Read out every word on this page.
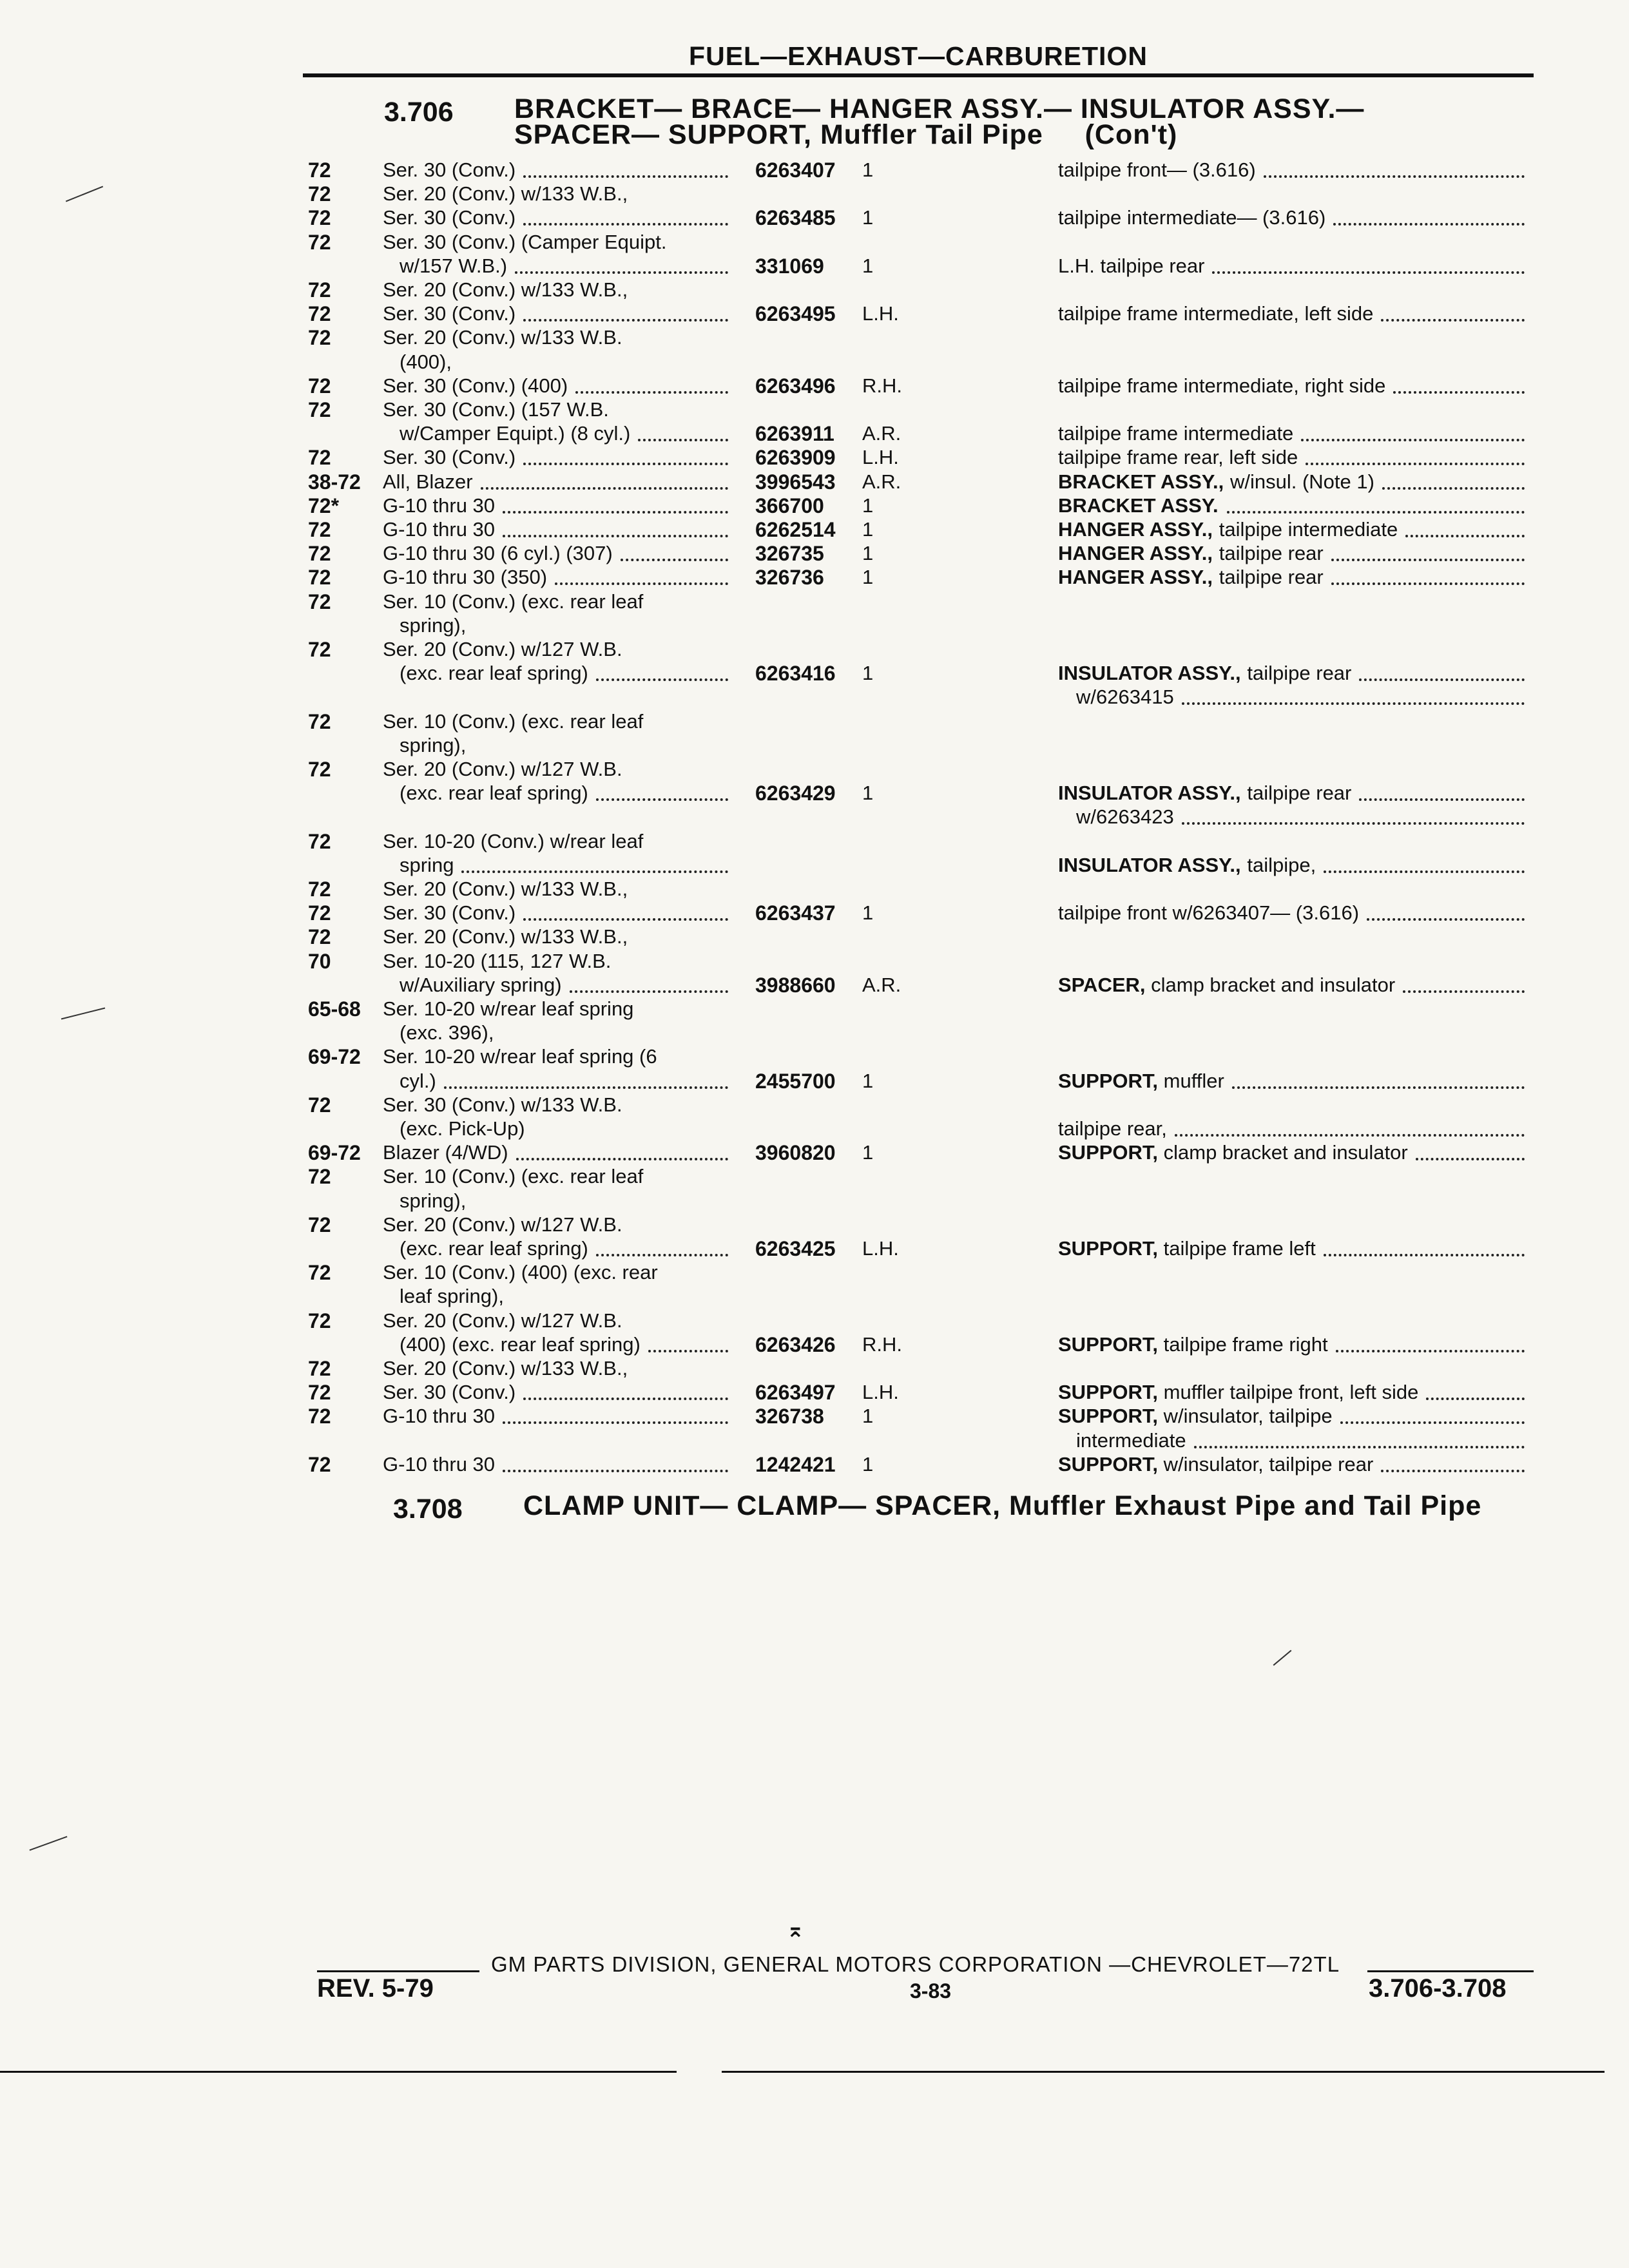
FUEL—EXHAUST—CARBURETION
3.706 BRACKET— BRACE— HANGER ASSY.— INSULATOR ASSY.—
SPACER— SUPPORT, Muffler Tail Pipe     (Con't)
72	Ser. 30 (Conv.)	6263407 1	tailpipe front— (3.616)
72	Ser. 20 (Conv.) w/133 W.B.,
72	Ser. 30 (Conv.)	6263485 1	tailpipe intermediate— (3.616)
72	Ser. 30 (Conv.) (Camper Equipt.
w/157 W.B.)	331069 1	L.H. tailpipe rear
72	Ser. 20 (Conv.) w/133 W.B.,
72	Ser. 30 (Conv.)	6263495 L.H.	tailpipe frame intermediate, left side
72	Ser. 20 (Conv.) w/133 W.B.
(400),
72	Ser. 30 (Conv.) (400)	6263496 R.H.	tailpipe frame intermediate, right side
72	Ser. 30 (Conv.) (157 W.B.
w/Camper Equipt.) (8 cyl.)	6263911 A.R.	tailpipe frame intermediate
72	Ser. 30 (Conv.)	6263909 L.H.	tailpipe frame rear, left side
38-72 All, Blazer	3996543 A.R.	BRACKET ASSY., w/insul. (Note 1)
72* G-10 thru 30	366700 1	BRACKET ASSY.
72	G-10 thru 30	6262514 1	HANGER ASSY., tailpipe intermediate
72	G-10 thru 30 (6 cyl.) (307)	326735 1	HANGER ASSY., tailpipe rear
72	G-10 thru 30 (350)	326736 1	HANGER ASSY., tailpipe rear
72	Ser. 10 (Conv.) (exc. rear leaf
spring),
72	Ser. 20 (Conv.) w/127 W.B.
(exc. rear leaf spring)	6263416 1	INSULATOR ASSY., tailpipe rear
w/6263415
72	Ser. 10 (Conv.) (exc. rear leaf
spring),
72	Ser. 20 (Conv.) w/127 W.B.
(exc. rear leaf spring)	6263429 1	INSULATOR ASSY., tailpipe rear
w/6263423
72	Ser. 10-20 (Conv.) w/rear leaf
spring	INSULATOR ASSY., tailpipe,
72	Ser. 20 (Conv.) w/133 W.B.,
72	Ser. 30 (Conv.)	6263437 1	tailpipe front w/6263407— (3.616)
72	Ser. 20 (Conv.) w/133 W.B.,
70	Ser. 10-20 (115, 127 W.B.
w/Auxiliary spring)	3988660 A.R.	SPACER, clamp bracket and insulator
65-68 Ser. 10-20 w/rear leaf spring
(exc. 396),
69-72 Ser. 10-20 w/rear leaf spring (6
cyl.)	2455700 1	SUPPORT, muffler
72	Ser. 30 (Conv.) w/133 W.B.
(exc. Pick-Up)	tailpipe rear,
69-72 Blazer (4/WD)	3960820 1	SUPPORT, clamp bracket and insulator
72	Ser. 10 (Conv.) (exc. rear leaf
spring),
72	Ser. 20 (Conv.) w/127 W.B.
(exc. rear leaf spring)	6263425 L.H.	SUPPORT, tailpipe frame left
72	Ser. 10 (Conv.) (400) (exc. rear
leaf spring),
72	Ser. 20 (Conv.) w/127 W.B.
(400) (exc. rear leaf spring)	6263426 R.H.	SUPPORT, tailpipe frame right
72	Ser. 20 (Conv.) w/133 W.B.,
72	Ser. 30 (Conv.)	6263497 L.H.	SUPPORT, muffler tailpipe front, left side
72	G-10 thru 30	326738 1	SUPPORT, w/insulator, tailpipe
intermediate
72	G-10 thru 30	1242421 1	SUPPORT, w/insulator, tailpipe rear
3.708 CLAMP UNIT— CLAMP— SPACER, Muffler Exhaust Pipe and Tail Pipe
⌅
GM PARTS DIVISION, GENERAL MOTORS CORPORATION —CHEVROLET—72TL
REV. 5-79	3-83	3.706-3.708
